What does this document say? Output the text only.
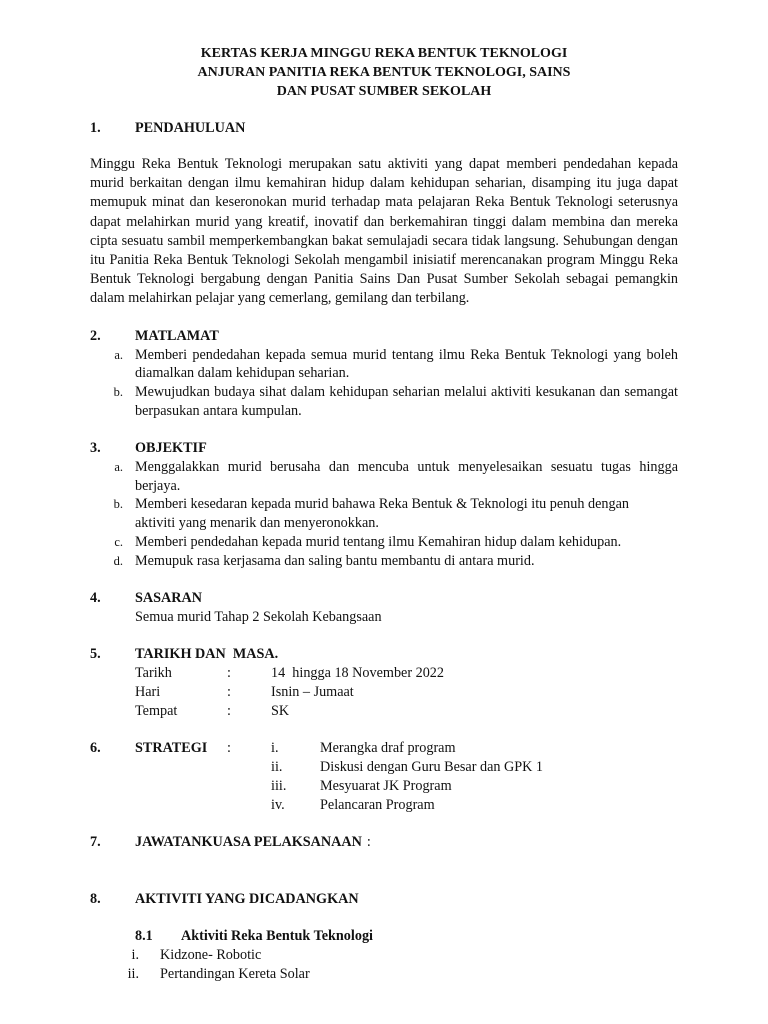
KERTAS KERJA MINGGU REKA BENTUK TEKNOLOGI
ANJURAN PANITIA REKA BENTUK TEKNOLOGI, SAINS
DAN PUSAT SUMBER SEKOLAH
1.	PENDAHULUAN
Minggu Reka Bentuk Teknologi merupakan satu aktiviti yang dapat memberi pendedahan kepada murid berkaitan dengan ilmu kemahiran hidup dalam kehidupan seharian, disamping itu juga dapat memupuk minat dan keseronokan murid terhadap mata pelajaran Reka Bentuk Teknologi seterusnya dapat melahirkan murid yang kreatif, inovatif dan berkemahiran tinggi dalam membina dan mereka cipta sesuatu sambil memperkembangkan bakat semulajadi secara tidak langsung. Sehubungan dengan itu Panitia Reka Bentuk Teknologi Sekolah mengambil inisiatif merencanakan program Minggu Reka Bentuk Teknologi bergabung dengan Panitia Sains Dan Pusat Sumber Sekolah sebagai pemangkin dalam melahirkan pelajar yang cemerlang, gemilang dan terbilang.
2.	MATLAMAT
a. Memberi pendedahan kepada semua murid tentang ilmu Reka Bentuk Teknologi yang boleh diamalkan dalam kehidupan seharian.
b. Mewujudkan budaya sihat dalam kehidupan seharian melalui aktiviti kesukanan dan semangat berpasukan antara kumpulan.
3.	OBJEKTIF
a. Menggalakkan murid berusaha dan mencuba untuk menyelesaikan sesuatu tugas hingga berjaya.
b. Memberi kesedaran kepada murid bahawa Reka Bentuk & Teknologi itu penuh dengan aktiviti yang menarik dan menyeronokkan.
c. Memberi pendedahan kepada murid tentang ilmu Kemahiran hidup dalam kehidupan.
d. Memupuk rasa kerjasama dan saling bantu membantu di antara murid.
4.	SASARAN
Semua murid Tahap 2 Sekolah Kebangsaan
5.	TARIKH DAN  MASA.
Tarikh	:	14  hingga 18 November 2022
Hari	:	Isnin – Jumaat
Tempat	:	SK
6.	STRATEGI	:	i.	Merangka draf program
ii.	Diskusi dengan Guru Besar dan GPK 1
iii.	Mesyuarat JK Program
iv.	Pelancaran Program
7.	JAWATANKUASA PELAKSANAAN :
8.	AKTIVITI YANG DICADANGKAN
8.1	Aktiviti Reka Bentuk Teknologi
i.	Kidzone- Robotic
ii.	Pertandingan Kereta Solar
